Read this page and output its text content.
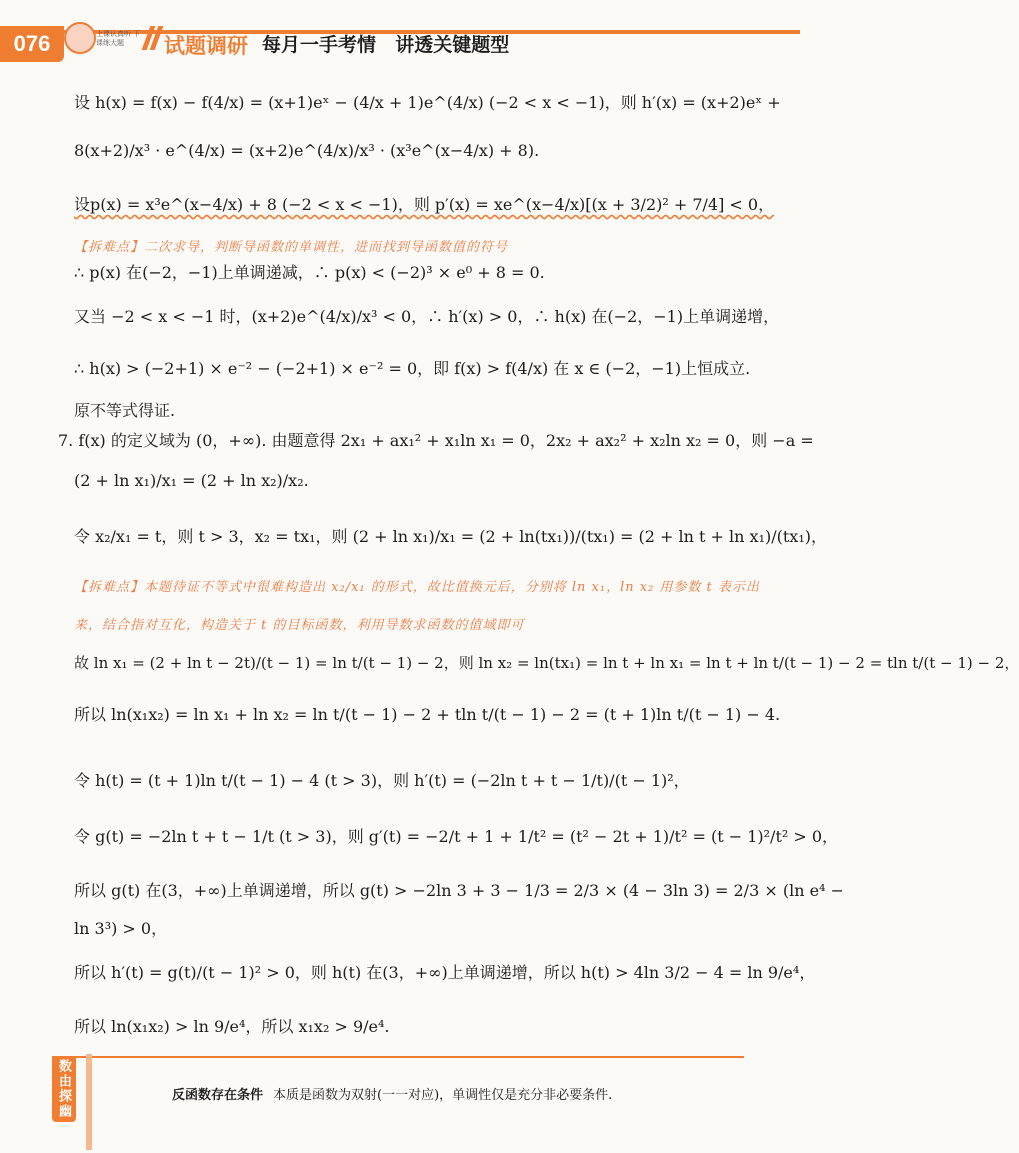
076	上课认真听 下课练大题	试题调研 每月一手考情 讲透关键题型
设 h(x) = f(x) − f(4/x) = (x+1)eˣ − (4/x + 1)e^(4/x) (−2 < x < −1)，则 h′(x) = (x+2)eˣ +
8(x+2)/x³ · e^(4/x) = (x+2)e^(4/x)/x³ · (x³e^(x−4/x) + 8).
设p(x) = x³e^(x−4/x) + 8 (−2 < x < −1)，则 p′(x) = xe^(x−4/x)[(x + 3/2)² + 7/4] < 0，
【拆难点】二次求导，判断导函数的单调性，进而找到导函数值的符号
∴ p(x) 在(−2，−1)上单调递减，∴ p(x) < (−2)³ × e⁰ + 8 = 0.
又当 −2 < x < −1 时，(x+2)e^(4/x)/x³ < 0，∴ h′(x) > 0，∴ h(x) 在(−2，−1)上单调递增，
∴ h(x) > (−2+1) × e⁻² − (−2+1) × e⁻² = 0，即 f(x) > f(4/x) 在 x ∈ (−2，−1)上恒成立.
原不等式得证.
7. f(x) 的定义域为 (0，+∞). 由题意得 2x₁ + ax₁² + x₁ln x₁ = 0，2x₂ + ax₂² + x₂ln x₂ = 0，则 −a =
(2 + ln x₁)/x₁ = (2 + ln x₂)/x₂.
令 x₂/x₁ = t，则 t > 3，x₂ = tx₁，则 (2 + ln x₁)/x₁ = (2 + ln(tx₁))/(tx₁) = (2 + ln t + ln x₁)/(tx₁)，
【拆难点】本题待证不等式中很难构造出 x₂/x₁ 的形式，故比值换元后，分别将 ln x₁，ln x₂ 用参数 t 表示出
来，结合指对互化，构造关于 t 的目标函数，利用导数求函数的值域即可
故 ln x₁ = (2 + ln t − 2t)/(t − 1) = ln t/(t − 1) − 2，则 ln x₂ = ln(tx₁) = ln t + ln x₁ = ln t + ln t/(t − 1) − 2 = tln t/(t − 1) − 2，
所以 ln(x₁x₂) = ln x₁ + ln x₂ = ln t/(t − 1) − 2 + tln t/(t − 1) − 2 = (t + 1)ln t/(t − 1) − 4.
令 h(t) = (t + 1)ln t/(t − 1) − 4 (t > 3)，则 h′(t) = (−2ln t + t − 1/t)/(t − 1)²，
令 g(t) = −2ln t + t − 1/t (t > 3)，则 g′(t) = −2/t + 1 + 1/t² = (t² − 2t + 1)/t² = (t − 1)²/t² > 0，
所以 g(t) 在(3，+∞)上单调递增，所以 g(t) > −2ln 3 + 3 − 1/3 = 2/3 × (4 − 3ln 3) = 2/3 × (ln e⁴ −
ln 3³) > 0，
所以 h′(t) = g(t)/(t − 1)² > 0，则 h(t) 在(3，+∞)上单调递增，所以 h(t) > 4ln 3/2 − 4 = ln 9/e⁴，
所以 ln(x₁x₂) > ln 9/e⁴，所以 x₁x₂ > 9/e⁴.
数由探幽	反函数存在条件 本质是函数为双射(一一对应)，单调性仅是充分非必要条件.
